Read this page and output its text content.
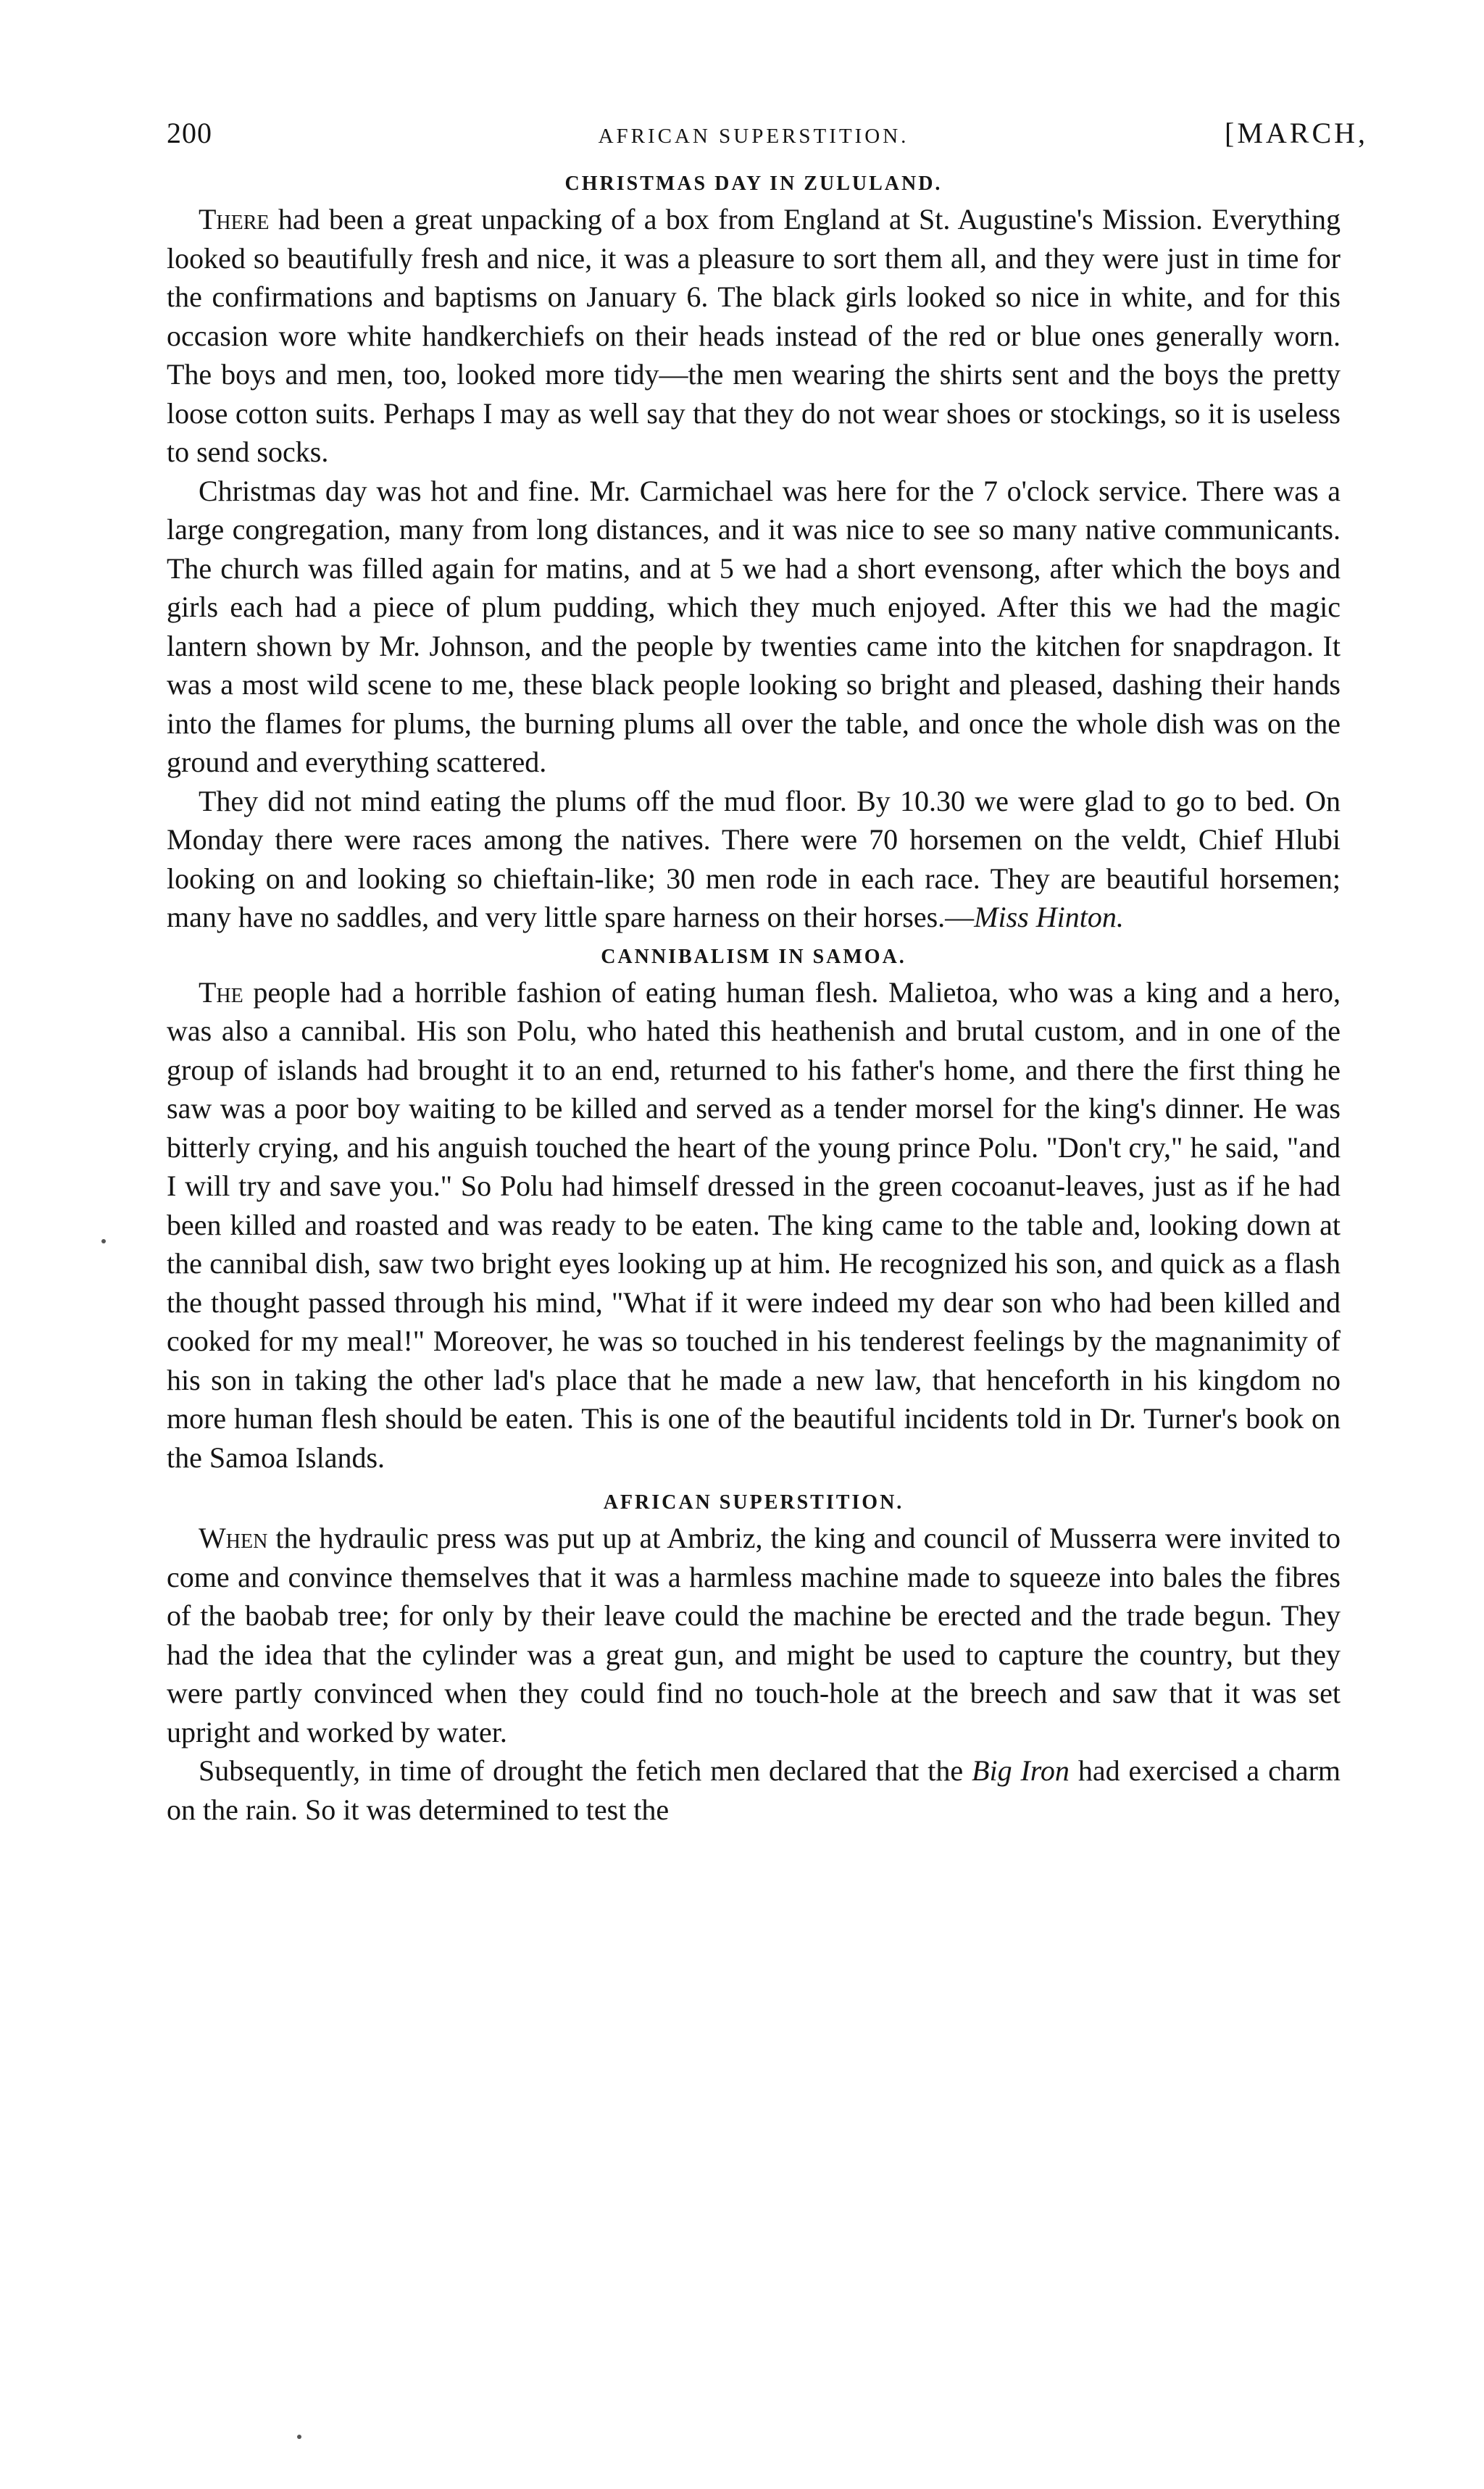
200	AFRICAN SUPERSTITION.	[MARCH,
CHRISTMAS DAY IN ZULULAND.

There had been a great unpacking of a box from England at St. Augustine's Mission. Everything looked so beautifully fresh and nice, it was a pleasure to sort them all, and they were just in time for the confirmations and baptisms on January 6. The black girls looked so nice in white, and for this occasion wore white handkerchiefs on their heads instead of the red or blue ones generally worn. The boys and men, too, looked more tidy—the men wearing the shirts sent and the boys the pretty loose cotton suits. Perhaps I may as well say that they do not wear shoes or stockings, so it is useless to send socks.

Christmas day was hot and fine. Mr. Carmichael was here for the 7 o'clock service. There was a large congregation, many from long distances, and it was nice to see so many native communicants. The church was filled again for matins, and at 5 we had a short evensong, after which the boys and girls each had a piece of plum pudding, which they much enjoyed. After this we had the magic lantern shown by Mr. Johnson, and the people by twenties came into the kitchen for snapdragon. It was a most wild scene to me, these black people looking so bright and pleased, dashing their hands into the flames for plums, the burning plums all over the table, and once the whole dish was on the ground and everything scattered.

They did not mind eating the plums off the mud floor. By 10.30 we were glad to go to bed. On Monday there were races among the natives. There were 70 horsemen on the veldt, Chief Hlubi looking on and looking so chieftain-like; 30 men rode in each race. They are beautiful horsemen; many have no saddles, and very little spare harness on their horses.—Miss Hinton.

CANNIBALISM IN SAMOA.

The people had a horrible fashion of eating human flesh. Malietoa, who was a king and a hero, was also a cannibal. His son Polu, who hated this heathenish and brutal custom, and in one of the group of islands had brought it to an end, returned to his father's home, and there the first thing he saw was a poor boy waiting to be killed and served as a tender morsel for the king's dinner. He was bitterly crying, and his anguish touched the heart of the young prince Polu. "Don't cry," he said, "and I will try and save you." So Polu had himself dressed in the green cocoanut-leaves, just as if he had been killed and roasted and was ready to be eaten. The king came to the table and, looking down at the cannibal dish, saw two bright eyes looking up at him. He recognized his son, and quick as a flash the thought passed through his mind, "What if it were indeed my dear son who had been killed and cooked for my meal!" Moreover, he was so touched in his tenderest feelings by the magnanimity of his son in taking the other lad's place that he made a new law, that henceforth in his kingdom no more human flesh should be eaten. This is one of the beautiful incidents told in Dr. Turner's book on the Samoa Islands.

AFRICAN SUPERSTITION.

When the hydraulic press was put up at Ambriz, the king and council of Musserra were invited to come and convince themselves that it was a harmless machine made to squeeze into bales the fibres of the baobab tree; for only by their leave could the machine be erected and the trade begun. They had the idea that the cylinder was a great gun, and might be used to capture the country, but they were partly convinced when they could find no touch-hole at the breech and saw that it was set upright and worked by water.

Subsequently, in time of drought the fetich men declared that the Big Iron had exercised a charm on the rain. So it was determined to test the
